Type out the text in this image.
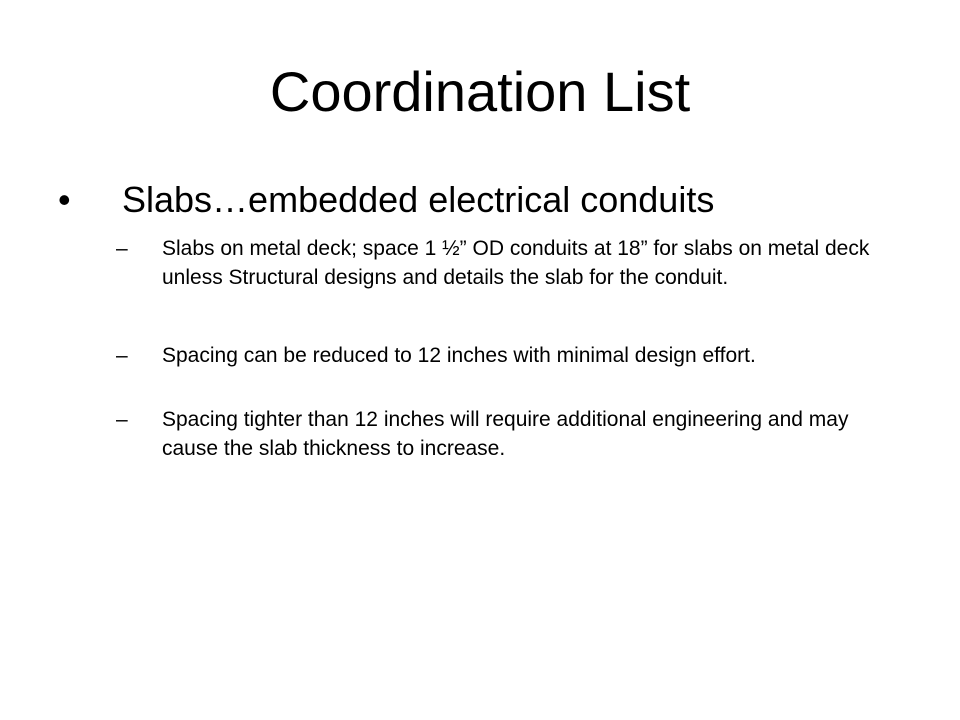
Coordination List
• Slabs…embedded electrical conduits
– Slabs on metal deck; space 1 ½” OD conduits at 18” for slabs on metal deck unless Structural designs and details the slab for the conduit.
– Spacing can be reduced to 12 inches with minimal design effort.
– Spacing tighter than 12 inches will require additional engineering and may cause the slab thickness to increase.
